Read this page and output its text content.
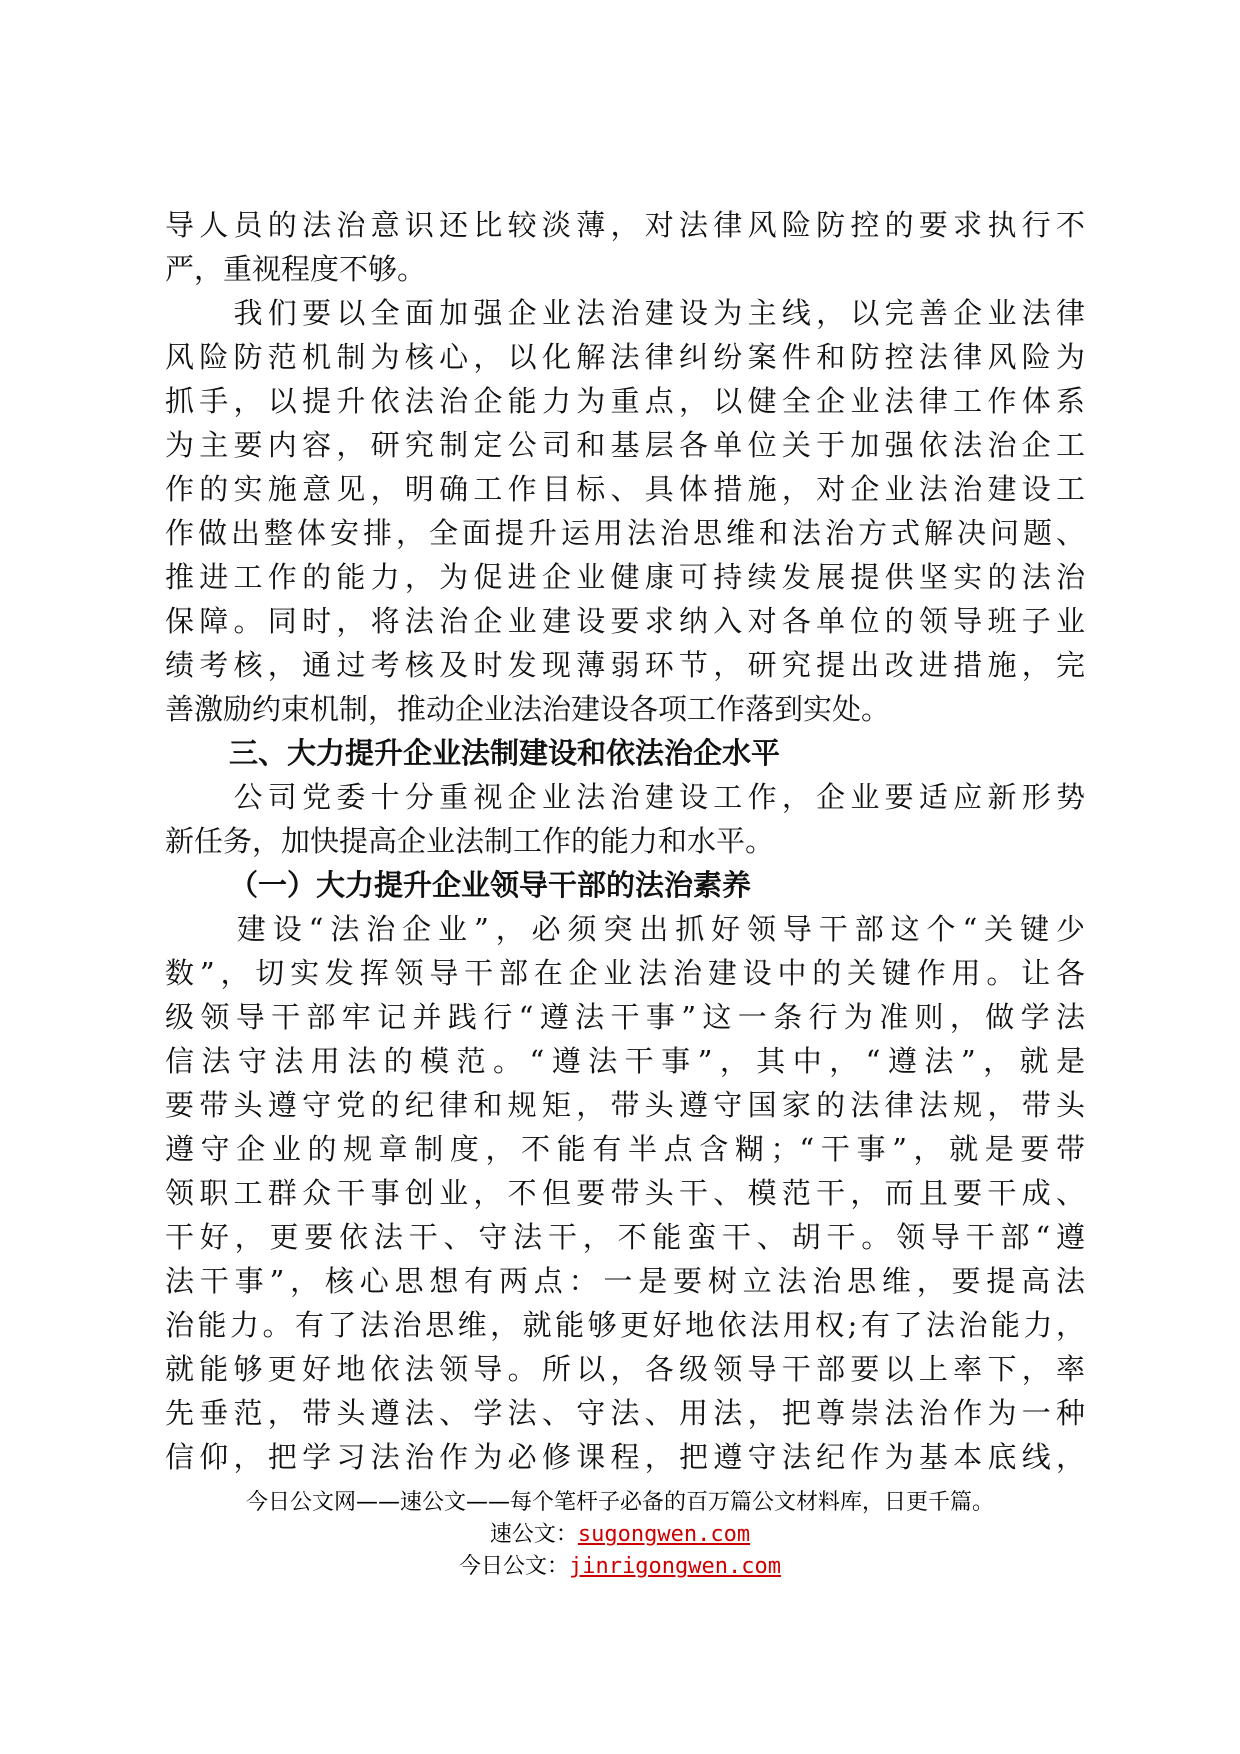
导人员的法治意识还比较淡薄，对法律风险防控的要求执行不
严，重视程度不够。
　　我们要以全面加强企业法治建设为主线，以完善企业法律
风险防范机制为核心，以化解法律纠纷案件和防控法律风险为
抓手，以提升依法治企能力为重点，以健全企业法律工作体系
为主要内容，研究制定公司和基层各单位关于加强依法治企工
作的实施意见，明确工作目标、具体措施，对企业法治建设工
作做出整体安排，全面提升运用法治思维和法治方式解决问题、
推进工作的能力，为促进企业健康可持续发展提供坚实的法治
保障。同时，将法治企业建设要求纳入对各单位的领导班子业
绩考核，通过考核及时发现薄弱环节，研究提出改进措施，完
善激励约束机制，推动企业法治建设各项工作落到实处。
三、大力提升企业法制建设和依法治企水平
　　公司党委十分重视企业法治建设工作，企业要适应新形势
新任务，加快提高企业法制工作的能力和水平。
（一）大力提升企业领导干部的法治素养
　　建设“法治企业”，必须突出抓好领导干部这个“关键少
数”，切实发挥领导干部在企业法治建设中的关键作用。让各
级领导干部牢记并践行“遵法干事”这一条行为准则，做学法
信法守法用法的模范。“遵法干事”，其中，“遵法”，就是
要带头遵守党的纪律和规矩，带头遵守国家的法律法规，带头
遵守企业的规章制度，不能有半点含糊；“干事”，就是要带
领职工群众干事创业，不但要带头干、模范干，而且要干成、
干好，更要依法干、守法干，不能蛮干、胡干。领导干部“遵
法干事”，核心思想有两点：一是要树立法治思维，要提高法
治能力。有了法治思维，就能够更好地依法用权;有了法治能力，
就能够更好地依法领导。所以，各级领导干部要以上率下，率
先垂范，带头遵法、学法、守法、用法，把尊崇法治作为一种
信仰，把学习法治作为必修课程，把遵守法纪作为基本底线，
今日公文网——速公文——每个笔杆子必备的百万篇公文材料库，日更千篇。
速公文：sugongwen.com
今日公文：jinrigongwen.com
